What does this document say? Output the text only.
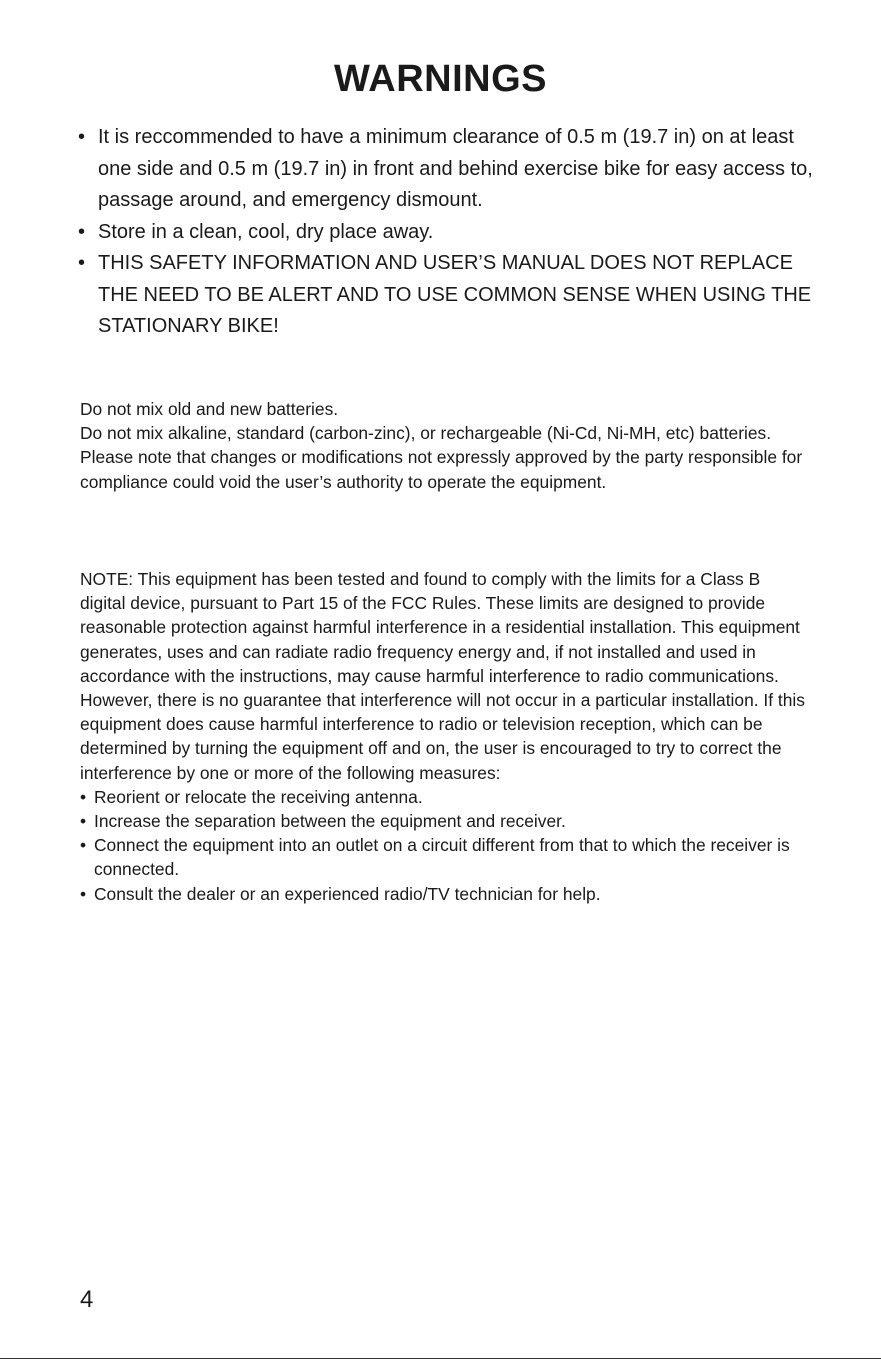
WARNINGS
• It is reccommended to have a minimum clearance of 0.5 m (19.7 in) on at least one side and 0.5 m (19.7 in) in front and behind exercise bike for easy access to, passage around, and emergency dismount.
• Store in a clean, cool, dry place away.
• THIS SAFETY INFORMATION AND USER’S MANUAL DOES NOT REPLACE THE NEED TO BE ALERT AND TO USE COMMON SENSE WHEN USING THE STATIONARY BIKE!

Do not mix old and new batteries.

Do not mix alkaline, standard (carbon-zinc), or rechargeable (Ni-Cd, Ni-MH, etc) batteries.

Please note that changes or modifications not expressly approved by the party responsible for compliance could void the user’s authority to operate the equipment.

NOTE: This equipment has been tested and found to comply with the limits for a Class B digital device, pursuant to Part 15 of the FCC Rules. These limits are designed to provide reasonable protection against harmful interference in a residential installation. This equipment generates, uses and can radiate radio frequency energy and, if not installed and used in accordance with the instructions, may cause harmful interference to radio communications. However, there is no guarantee that interference will not occur in a particular installation. If this equipment does cause harmful interference to radio or television reception, which can be determined by turning the equipment off and on, the user is encouraged to try to correct the interference by one or more of the following measures:

• Reorient or relocate the receiving antenna.
• Increase the separation between the equipment and receiver.
• Connect the equipment into an outlet on a circuit different from that to which the receiver is connected.
• Consult the dealer or an experienced radio/TV technician for help.
4
